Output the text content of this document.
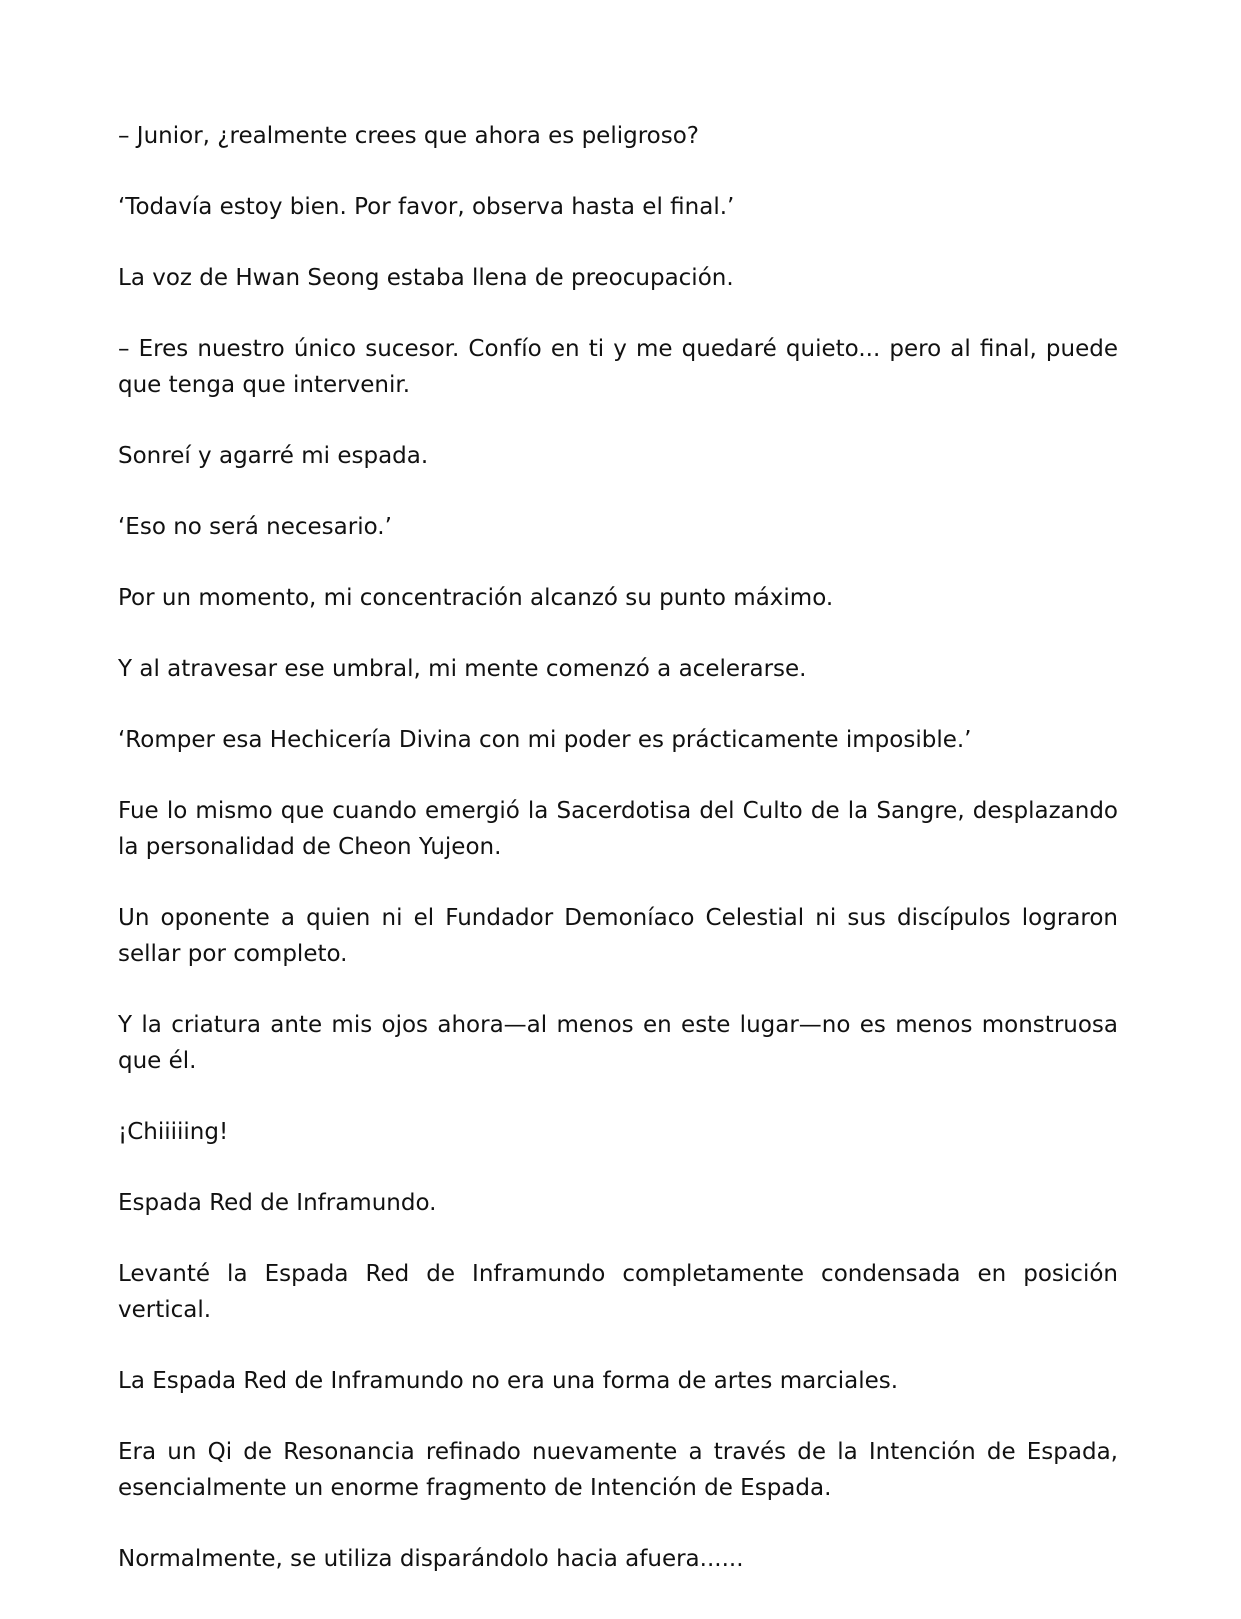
– Junior, ¿realmente crees que ahora es peligroso?

‘Todavía estoy bien. Por favor, observa hasta el final.’

La voz de Hwan Seong estaba llena de preocupación.

– Eres nuestro único sucesor. Confío en ti y me quedaré quieto... pero al final, puede que tenga que intervenir.

Sonreí y agarré mi espada.

‘Eso no será necesario.’

Por un momento, mi concentración alcanzó su punto máximo.

Y al atravesar ese umbral, mi mente comenzó a acelerarse.

‘Romper esa Hechicería Divina con mi poder es prácticamente imposible.’

Fue lo mismo que cuando emergió la Sacerdotisa del Culto de la Sangre, desplazando la personalidad de Cheon Yujeon.

Un oponente a quien ni el Fundador Demoníaco Celestial ni sus discípulos lograron sellar por completo.

Y la criatura ante mis ojos ahora—al menos en este lugar—no es menos monstruosa que él.

¡Chiiiiing!

Espada Red de Inframundo.

Levanté la Espada Red de Inframundo completamente condensada en posición vertical.

La Espada Red de Inframundo no era una forma de artes marciales.

Era un Qi de Resonancia refinado nuevamente a través de la Intención de Espada, esencialmente un enorme fragmento de Intención de Espada.

Normalmente, se utiliza disparándolo hacia afuera......
